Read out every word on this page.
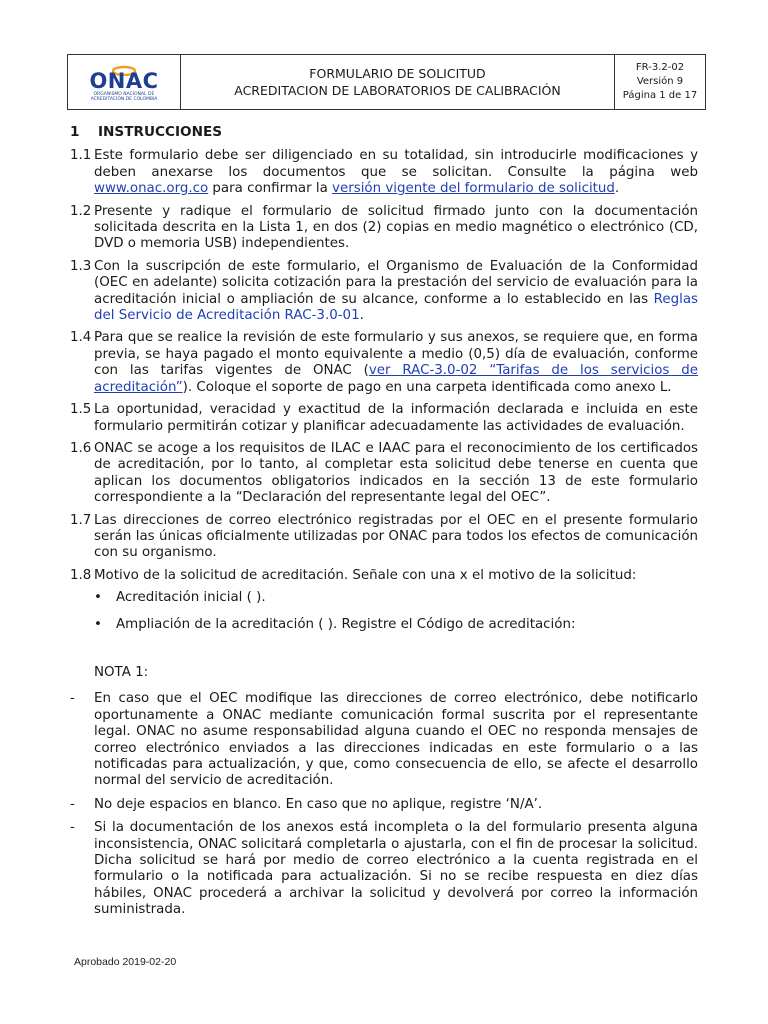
ONAC
ORGANISMO NACIONAL DE
ACREDITACIÓN DE COLOMBIA
FORMULARIO DE SOLICITUD
ACREDITACION DE LABORATORIOS DE CALIBRACIÓN
FR-3.2-02
Versión 9
Página 1 de 17
1 INSTRUCCIONES
1.1 Este formulario debe ser diligenciado en su totalidad, sin introducirle modificaciones y deben anexarse los documentos que se solicitan. Consulte la página web www.onac.org.co para confirmar la versión vigente del formulario de solicitud.
1.2 Presente y radique el formulario de solicitud firmado junto con la documentación solicitada descrita en la Lista 1, en dos (2) copias en medio magnético o electrónico (CD, DVD o memoria USB) independientes.
1.3 Con la suscripción de este formulario, el Organismo de Evaluación de la Conformidad (OEC en adelante) solicita cotización para la prestación del servicio de evaluación para la acreditación inicial o ampliación de su alcance, conforme a lo establecido en las Reglas del Servicio de Acreditación RAC-3.0-01.
1.4 Para que se realice la revisión de este formulario y sus anexos, se requiere que, en forma previa, se haya pagado el monto equivalente a medio (0,5) día de evaluación, conforme con las tarifas vigentes de ONAC (ver RAC-3.0-02 “Tarifas de los servicios de acreditación”). Coloque el soporte de pago en una carpeta identificada como anexo L.
1.5 La oportunidad, veracidad y exactitud de la información declarada e incluida en este formulario permitirán cotizar y planificar adecuadamente las actividades de evaluación.
1.6 ONAC se acoge a los requisitos de ILAC e IAAC para el reconocimiento de los certificados de acreditación, por lo tanto, al completar esta solicitud debe tenerse en cuenta que aplican los documentos obligatorios indicados en la sección 13 de este formulario correspondiente a la “Declaración del representante legal del OEC”.
1.7 Las direcciones de correo electrónico registradas por el OEC en el presente formulario serán las únicas oficialmente utilizadas por ONAC para todos los efectos de comunicación con su organismo.
1.8 Motivo de la solicitud de acreditación. Señale con una x el motivo de la solicitud:
•	Acreditación inicial ( ).
•	Ampliación de la acreditación ( ). Registre el Código de acreditación:
NOTA 1:
-	En caso que el OEC modifique las direcciones de correo electrónico, debe notificarlo oportunamente a ONAC mediante comunicación formal suscrita por el representante legal. ONAC no asume responsabilidad alguna cuando el OEC no responda mensajes de correo electrónico enviados a las direcciones indicadas en este formulario o a las notificadas para actualización, y que, como consecuencia de ello, se afecte el desarrollo normal del servicio de acreditación.
-	No deje espacios en blanco. En caso que no aplique, registre ‘N/A’.
-	Si la documentación de los anexos está incompleta o la del formulario presenta alguna inconsistencia, ONAC solicitará completarla o ajustarla, con el fin de procesar la solicitud. Dicha solicitud se hará por medio de correo electrónico a la cuenta registrada en el formulario o la notificada para actualización. Si no se recibe respuesta en diez días hábiles, ONAC procederá a archivar la solicitud y devolverá por correo la información suministrada.
Aprobado 2019-02-20
